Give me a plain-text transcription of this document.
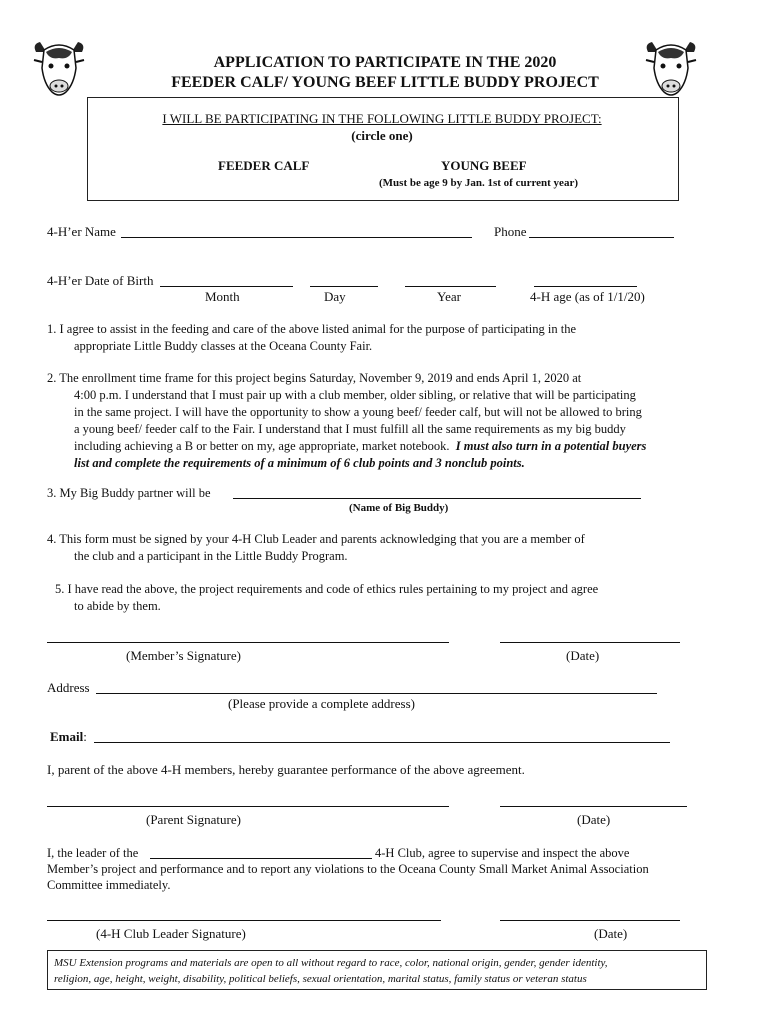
APPLICATION TO PARTICIPATE IN THE 2020
FEEDER CALF/ YOUNG BEEF LITTLE BUDDY PROJECT
I WILL BE PARTICIPATING IN THE FOLLOWING LITTLE BUDDY PROJECT:
(circle one)
FEEDER CALF	YOUNG BEEF
(Must be age 9 by Jan. 1st of current year)
4-H’er Name	Phone
4-H’er Date of Birth
Month	Day	Year	4-H age (as of 1/1/20)
1. I agree to assist in the feeding and care of the above listed animal for the purpose of participating in the
appropriate Little Buddy classes at the Oceana County Fair.
2. The enrollment time frame for this project begins Saturday, November 9, 2019 and ends April 1, 2020 at
4:00 p.m. I understand that I must pair up with a club member, older sibling, or relative that will be participating
in the same project. I will have the opportunity to show a young beef/ feeder calf, but will not be allowed to bring
a young beef/ feeder calf to the Fair. I understand that I must fulfill all the same requirements as my big buddy
including achieving a B or better on my, age appropriate, market notebook. I must also turn in a potential buyers
list and complete the requirements of a minimum of 6 club points and 3 nonclub points.
3. My Big Buddy partner will be
(Name of Big Buddy)
4. This form must be signed by your 4-H Club Leader and parents acknowledging that you are a member of
the club and a participant in the Little Buddy Program.
5. I have read the above, the project requirements and code of ethics rules pertaining to my project and agree
to abide by them.
(Member’s Signature)	(Date)
Address
(Please provide a complete address)
Email:
I, parent of the above 4-H members, hereby guarantee performance of the above agreement.
(Parent Signature)	(Date)
I, the leader of the	4-H Club, agree to supervise and inspect the above
Member’s project and performance and to report any violations to the Oceana County Small Market Animal Association
Committee immediately.
(4-H Club Leader Signature)	(Date)
MSU Extension programs and materials are open to all without regard to race, color, national origin, gender, gender identity,
religion, age, height, weight, disability, political beliefs, sexual orientation, marital status, family status or veteran status
